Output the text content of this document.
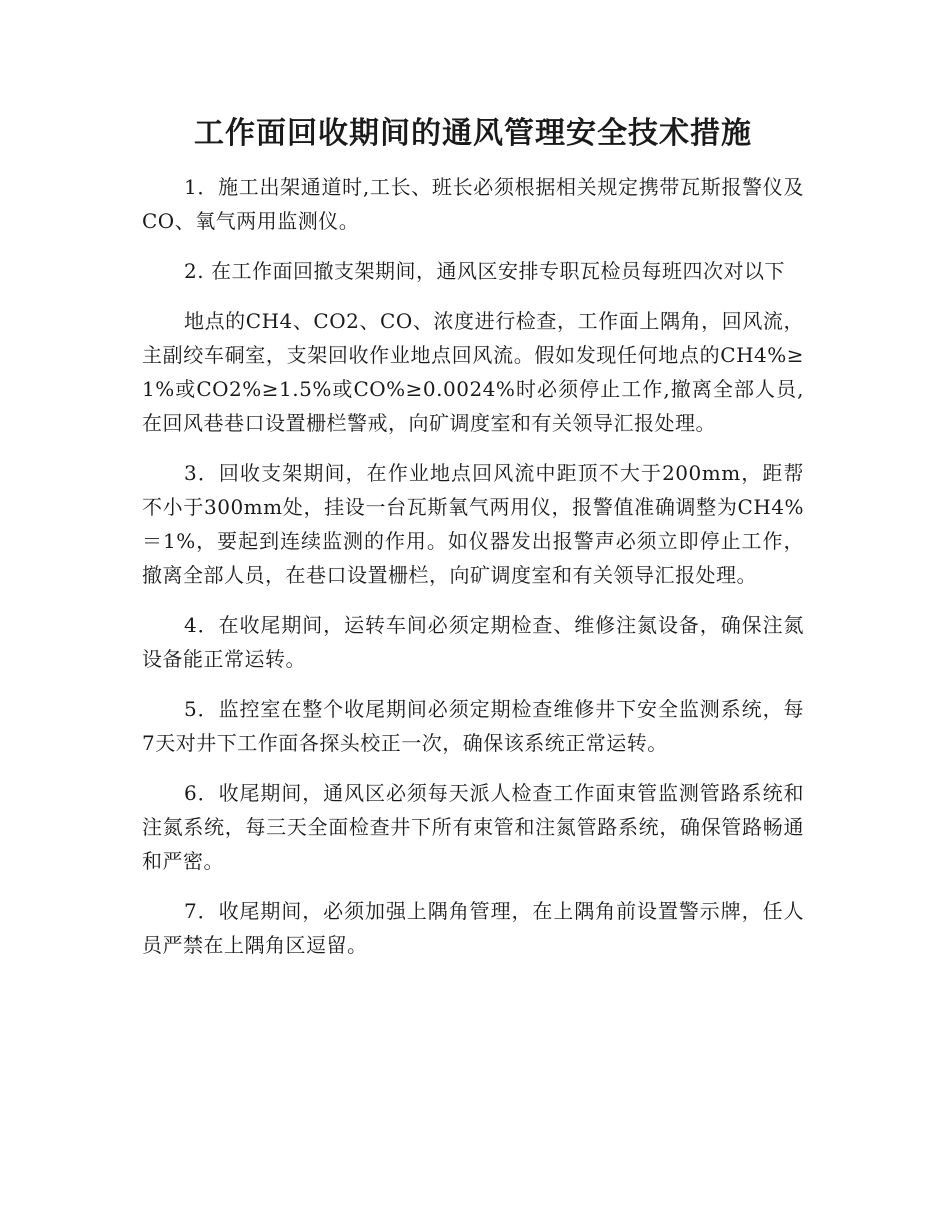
工作面回收期间的通风管理安全技术措施

1．施工出架通道时,工长、班长必须根据相关规定携带瓦斯报警仪及CO、氧气两用监测仪。

2. 在工作面回撤支架期间，通风区安排专职瓦检员每班四次对以下

地点的CH4、CO2、CO、浓度进行检查，工作面上隅角，回风流，主副绞车硐室，支架回收作业地点回风流。假如发现任何地点的CH4%≥1%或CO2%≥1.5%或CO%≥0.0024%时必须停止工作,撤离全部人员,在回风巷巷口设置栅栏警戒，向矿调度室和有关领导汇报处理。

3．回收支架期间，在作业地点回风流中距顶不大于200mm，距帮不小于300mm处，挂设一台瓦斯氧气两用仪，报警值准确调整为CH4%＝1%，要起到连续监测的作用。如仪器发出报警声必须立即停止工作，撤离全部人员，在巷口设置栅栏，向矿调度室和有关领导汇报处理。

4．在收尾期间，运转车间必须定期检查、维修注氮设备，确保注氮设备能正常运转。

5．监控室在整个收尾期间必须定期检查维修井下安全监测系统，每7天对井下工作面各探头校正一次，确保该系统正常运转。

6．收尾期间，通风区必须每天派人检查工作面束管监测管路系统和注氮系统，每三天全面检查井下所有束管和注氮管路系统，确保管路畅通和严密。

7．收尾期间，必须加强上隅角管理，在上隅角前设置警示牌，任人员严禁在上隅角区逗留。
